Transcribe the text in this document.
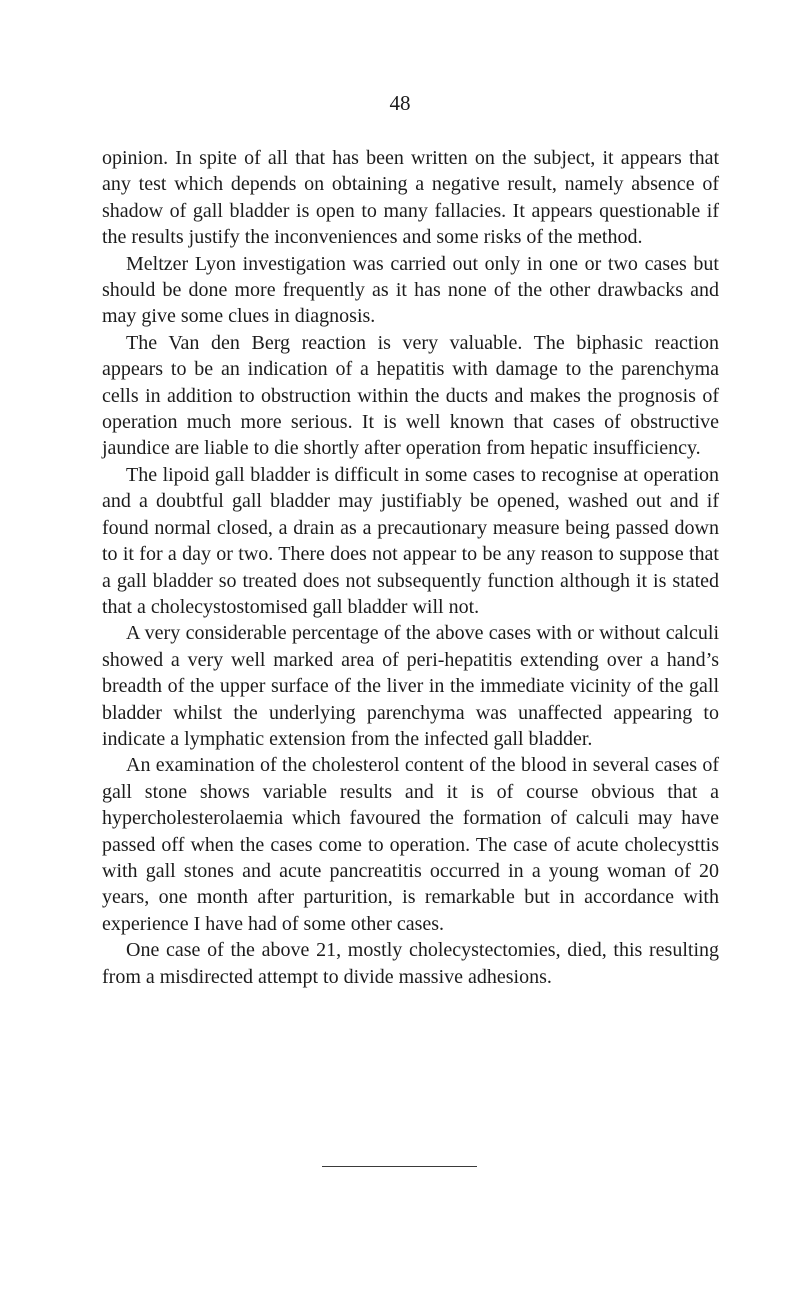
48

opinion. In spite of all that has been written on the subject, it appears that any test which depends on obtaining a negative result, namely absence of shadow of gall bladder is open to many fallacies. It appears questionable if the results justify the inconveniences and some risks of the method.

Meltzer Lyon investigation was carried out only in one or two cases but should be done more frequently as it has none of the other drawbacks and may give some clues in diagnosis.

The Van den Berg reaction is very valuable. The biphasic reaction appears to be an indication of a hepatitis with damage to the parenchyma cells in addition to obstruction within the ducts and makes the prognosis of operation much more serious. It is well known that cases of obstructive jaundice are liable to die shortly after operation from hepatic insufficiency.

The lipoid gall bladder is difficult in some cases to recognise at operation and a doubtful gall bladder may justifiably be opened, washed out and if found normal closed, a drain as a precautionary measure being passed down to it for a day or two. There does not appear to be any reason to suppose that a gall bladder so treated does not subsequently function although it is stated that a cholecystostomised gall bladder will not.

A very considerable percentage of the above cases with or without calculi showed a very well marked area of peri-hepatitis extending over a hand’s breadth of the upper surface of the liver in the immediate vicinity of the gall bladder whilst the underlying parenchyma was unaffected appearing to indicate a lymphatic extension from the infected gall bladder.

An examination of the cholesterol content of the blood in several cases of gall stone shows variable results and it is of course obvious that a hypercholesterolaemia which favoured the formation of calculi may have passed off when the cases come to operation. The case of acute cholecysttis with gall stones and acute pancreatitis occurred in a young woman of 20 years, one month after parturition, is remarkable but in accordance with experience I have had of some other cases.

One case of the above 21, mostly cholecystectomies, died, this resulting from a misdirected attempt to divide massive adhesions.
